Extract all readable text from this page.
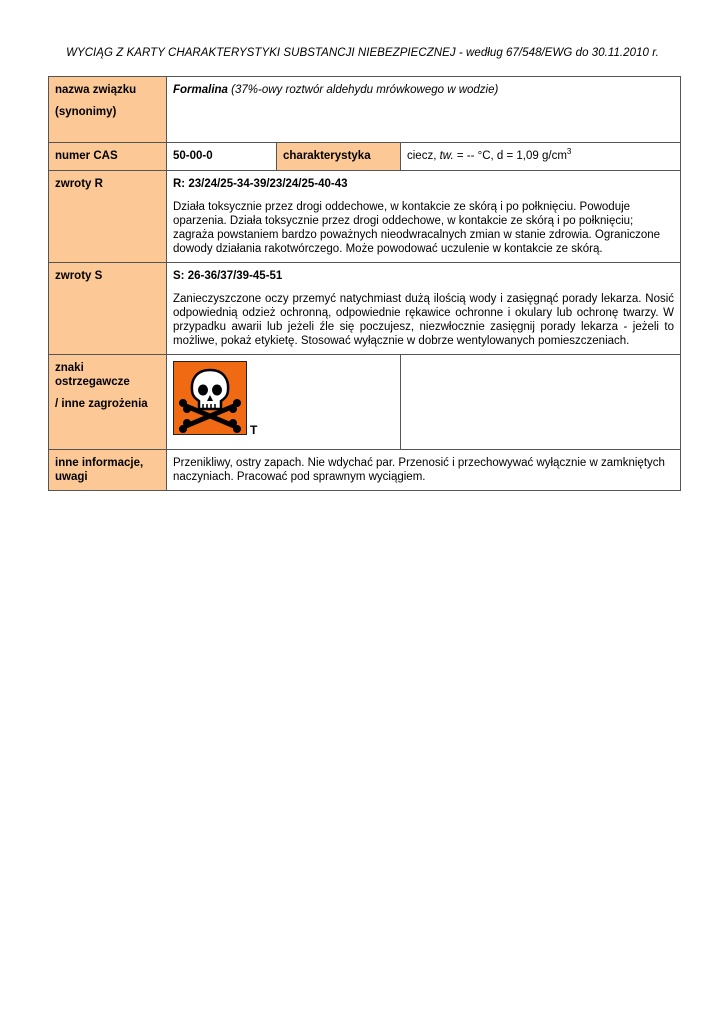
WYCIĄG Z KARTY CHARAKTERYSTYKI SUBSTANCJI NIEBEZPIECZNEJ - według 67/548/EWG do 30.11.2010 r.
nazwa związku
(synonimy)	Formalina (37%-owy roztwór aldehydu mrówkowego w wodzie)		
numer CAS	50-00-0	charakterystyka	ciecz, tw. = -- °C, d = 1,09 $g/cm^3$
zwroty R	R: 23/24/25-34-39/23/24/25-40-43
Działa toksycznie przez drogi oddechowe, w kontakcie ze skórą i po połknięciu. Powoduje oparzenia. Działa toksycznie przez drogi oddechowe, w kontakcie ze skórą i po połknięciu; zagraża powstaniem bardzo poważnych nieodwracalnych zmian w stanie zdrowia. Ograniczone dowody działania rakotwórczego. Może powodować uczulenie w kontakcie ze skórą.		

zwroty S	S: 26-36/37/39-45-51
Zanieczyszczone oczy przemyć natychmiast dużą ilością wody i zasięgnąć porady lekarza. Nosić odpowiednią odzież ochronną, odpowiednie rękawice ochronne i okulary lub ochronę twarzy. W przypadku awarii lub jeżeli źle się poczujesz, niezwłocznie zasięgnij porady lekarza - jeżeli to możliwe, pokaż etykietę. Stosować wyłącznie w dobrze wentylowanych pomieszczeniach.		

znaki ostrzegawcze
/ inne zagrożenia	T		

inne informacje, uwagi	Przenikliwy, ostry zapach. Nie wdychać par. Przenosić i przechowywać wyłącznie w zamkniętych naczyniach. Pracować pod sprawnym wyciągiem.		
